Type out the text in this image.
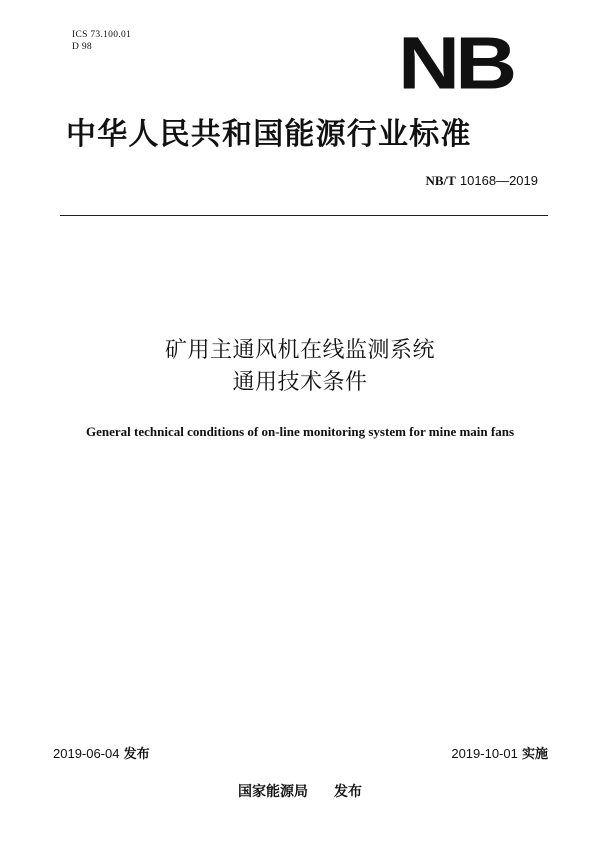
ICS 73.100.01
D 98	NB
中华人民共和国能源行业标准
NB/T 10168—2019
矿用主通风机在线监测系统
通用技术条件
General technical conditions of on-line monitoring system for mine main fans
2019-06-04 发布	2019-10-01 实施
国家能源局 发布
